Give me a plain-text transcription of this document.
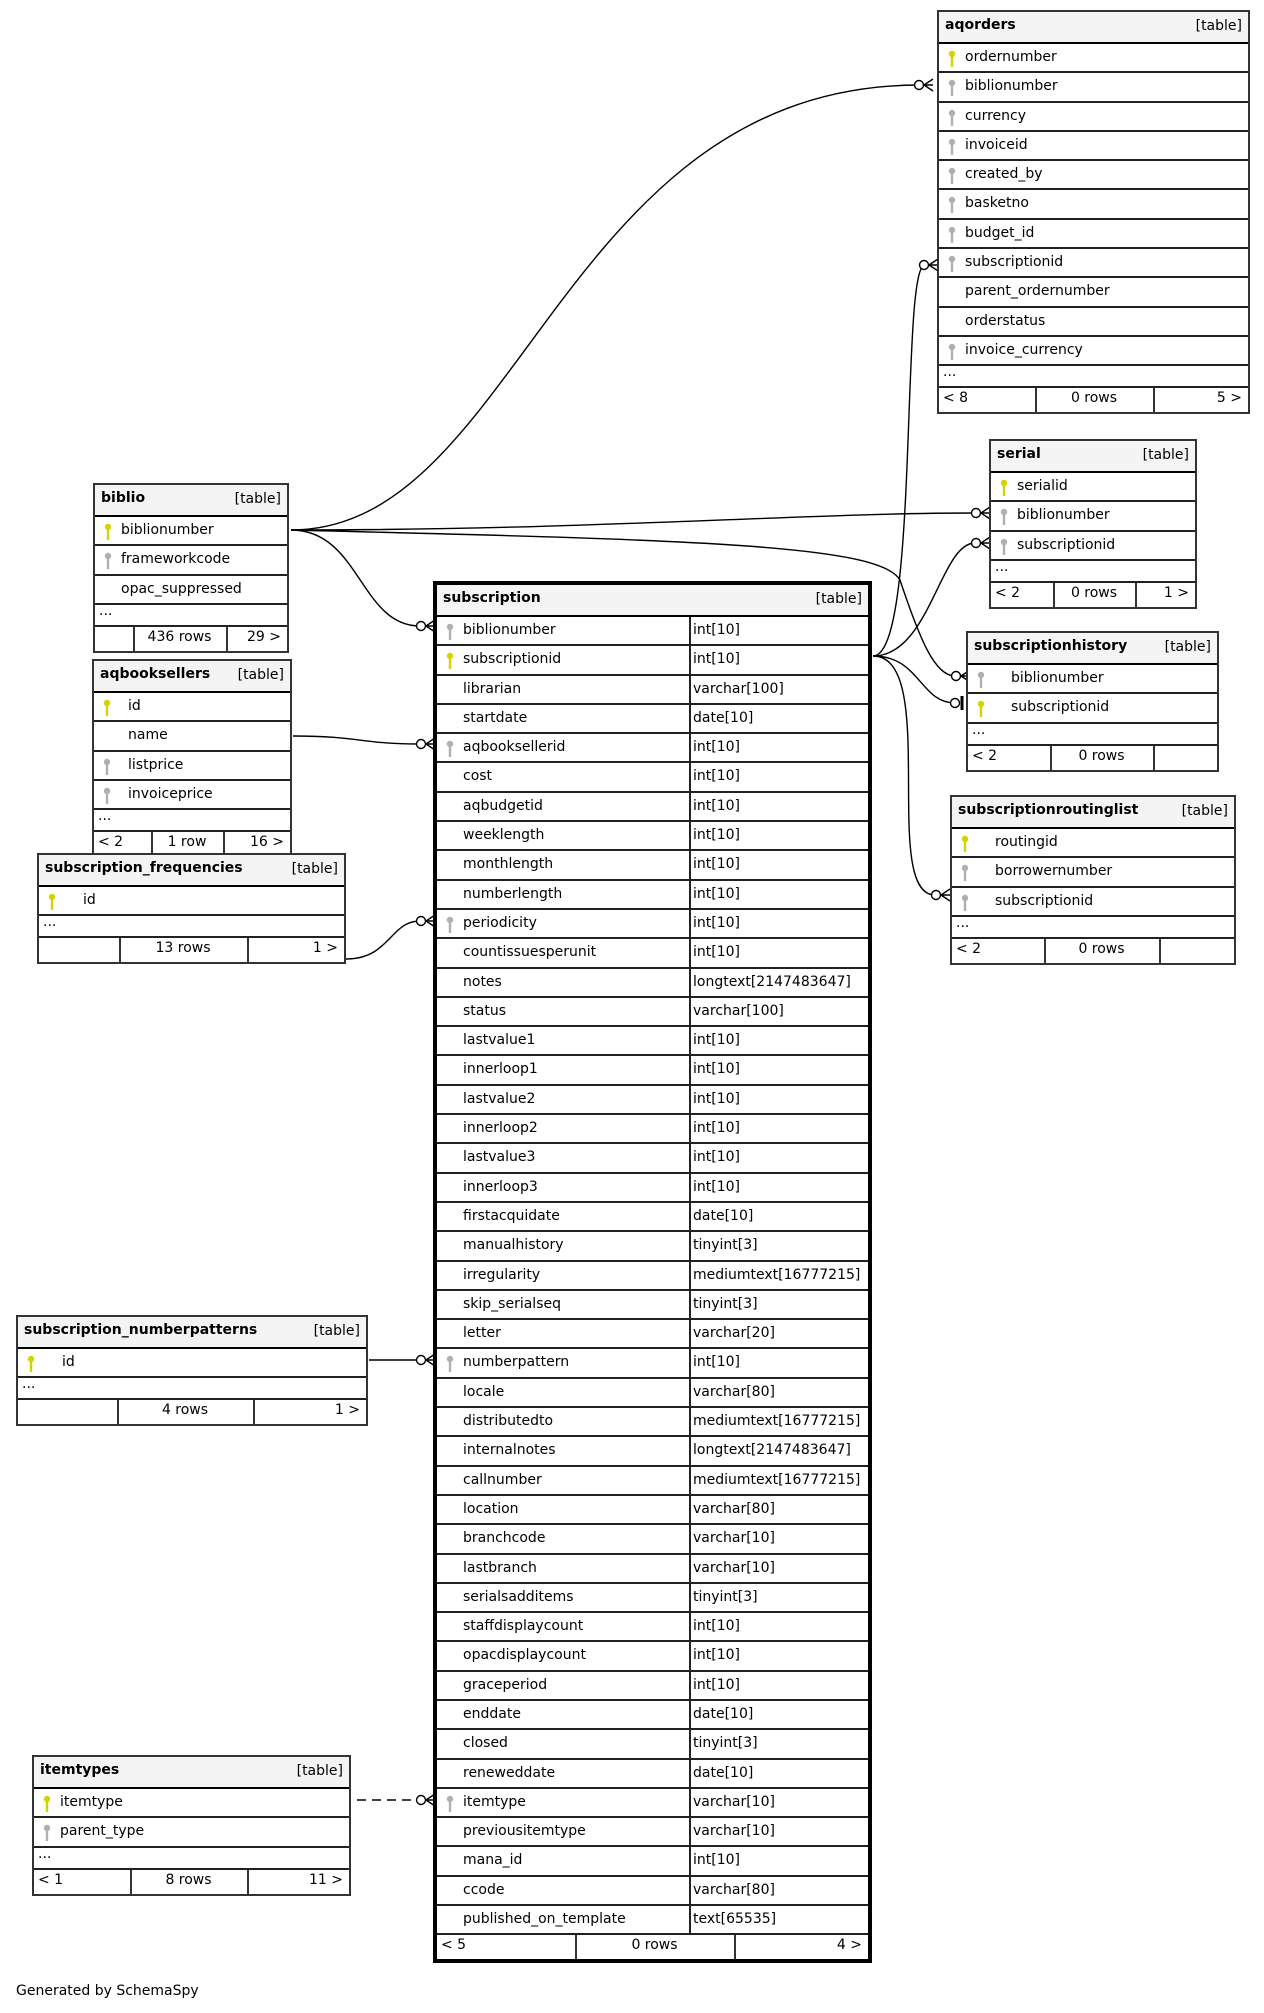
aqorders	[table]
ordernumber
biblionumber
currency
invoiceid
created_by
basketno
budget_id
subscriptionid
parent_ordernumber
orderstatus
invoice_currency
...
< 8	0 rows	5 >
serial	[table]
serialid
biblionumber
subscriptionid
...
< 2	0 rows	1 >
subscriptionhistory	[table]
biblionumber
subscriptionid
...
< 2	0 rows
subscriptionroutinglist	[table]
routingid
borrowernumber
subscriptionid
...
< 2	0 rows
biblio	[table]
biblionumber
frameworkcode
opac_suppressed
...
436 rows	29 >
aqbooksellers [table]
id
name
listprice
invoiceprice
...
< 2	1 row	16 >
subscription_frequencies	[table]
id
...
13 rows	1 >
subscription_numberpatterns	[table]
id
...
4 rows	1 >
itemtypes	[table]
itemtype
parent_type
...
< 1	8 rows	11 >
subscription	[table]
biblionumber	int[10]
subscriptionid	int[10]
librarian	varchar[100]
startdate	date[10]
aqbooksellerid	int[10]
cost	int[10]
aqbudgetid	int[10]
weeklength	int[10]
monthlength	int[10]
numberlength	int[10]
periodicity	int[10]
countissuesperunit	int[10]
notes	longtext[2147483647]
status	varchar[100]
lastvalue1	int[10]
innerloop1	int[10]
lastvalue2	int[10]
innerloop2	int[10]
lastvalue3	int[10]
innerloop3	int[10]
firstacquidate	date[10]
manualhistory	tinyint[3]
irregularity	mediumtext[16777215]
skip_serialseq	tinyint[3]
letter	varchar[20]
numberpattern	int[10]
locale	varchar[80]
distributedto	mediumtext[16777215]
internalnotes	longtext[2147483647]
callnumber	mediumtext[16777215]
location	varchar[80]
branchcode	varchar[10]
lastbranch	varchar[10]
serialsadditems	tinyint[3]
staffdisplaycount	int[10]
opacdisplaycount	int[10]
graceperiod	int[10]
enddate	date[10]
closed	tinyint[3]
reneweddate	date[10]
itemtype	varchar[10]
previousitemtype	varchar[10]
mana_id	int[10]
ccode	varchar[80]
published_on_template	text[65535]
< 5	0 rows	4 >
Generated by SchemaSpy
